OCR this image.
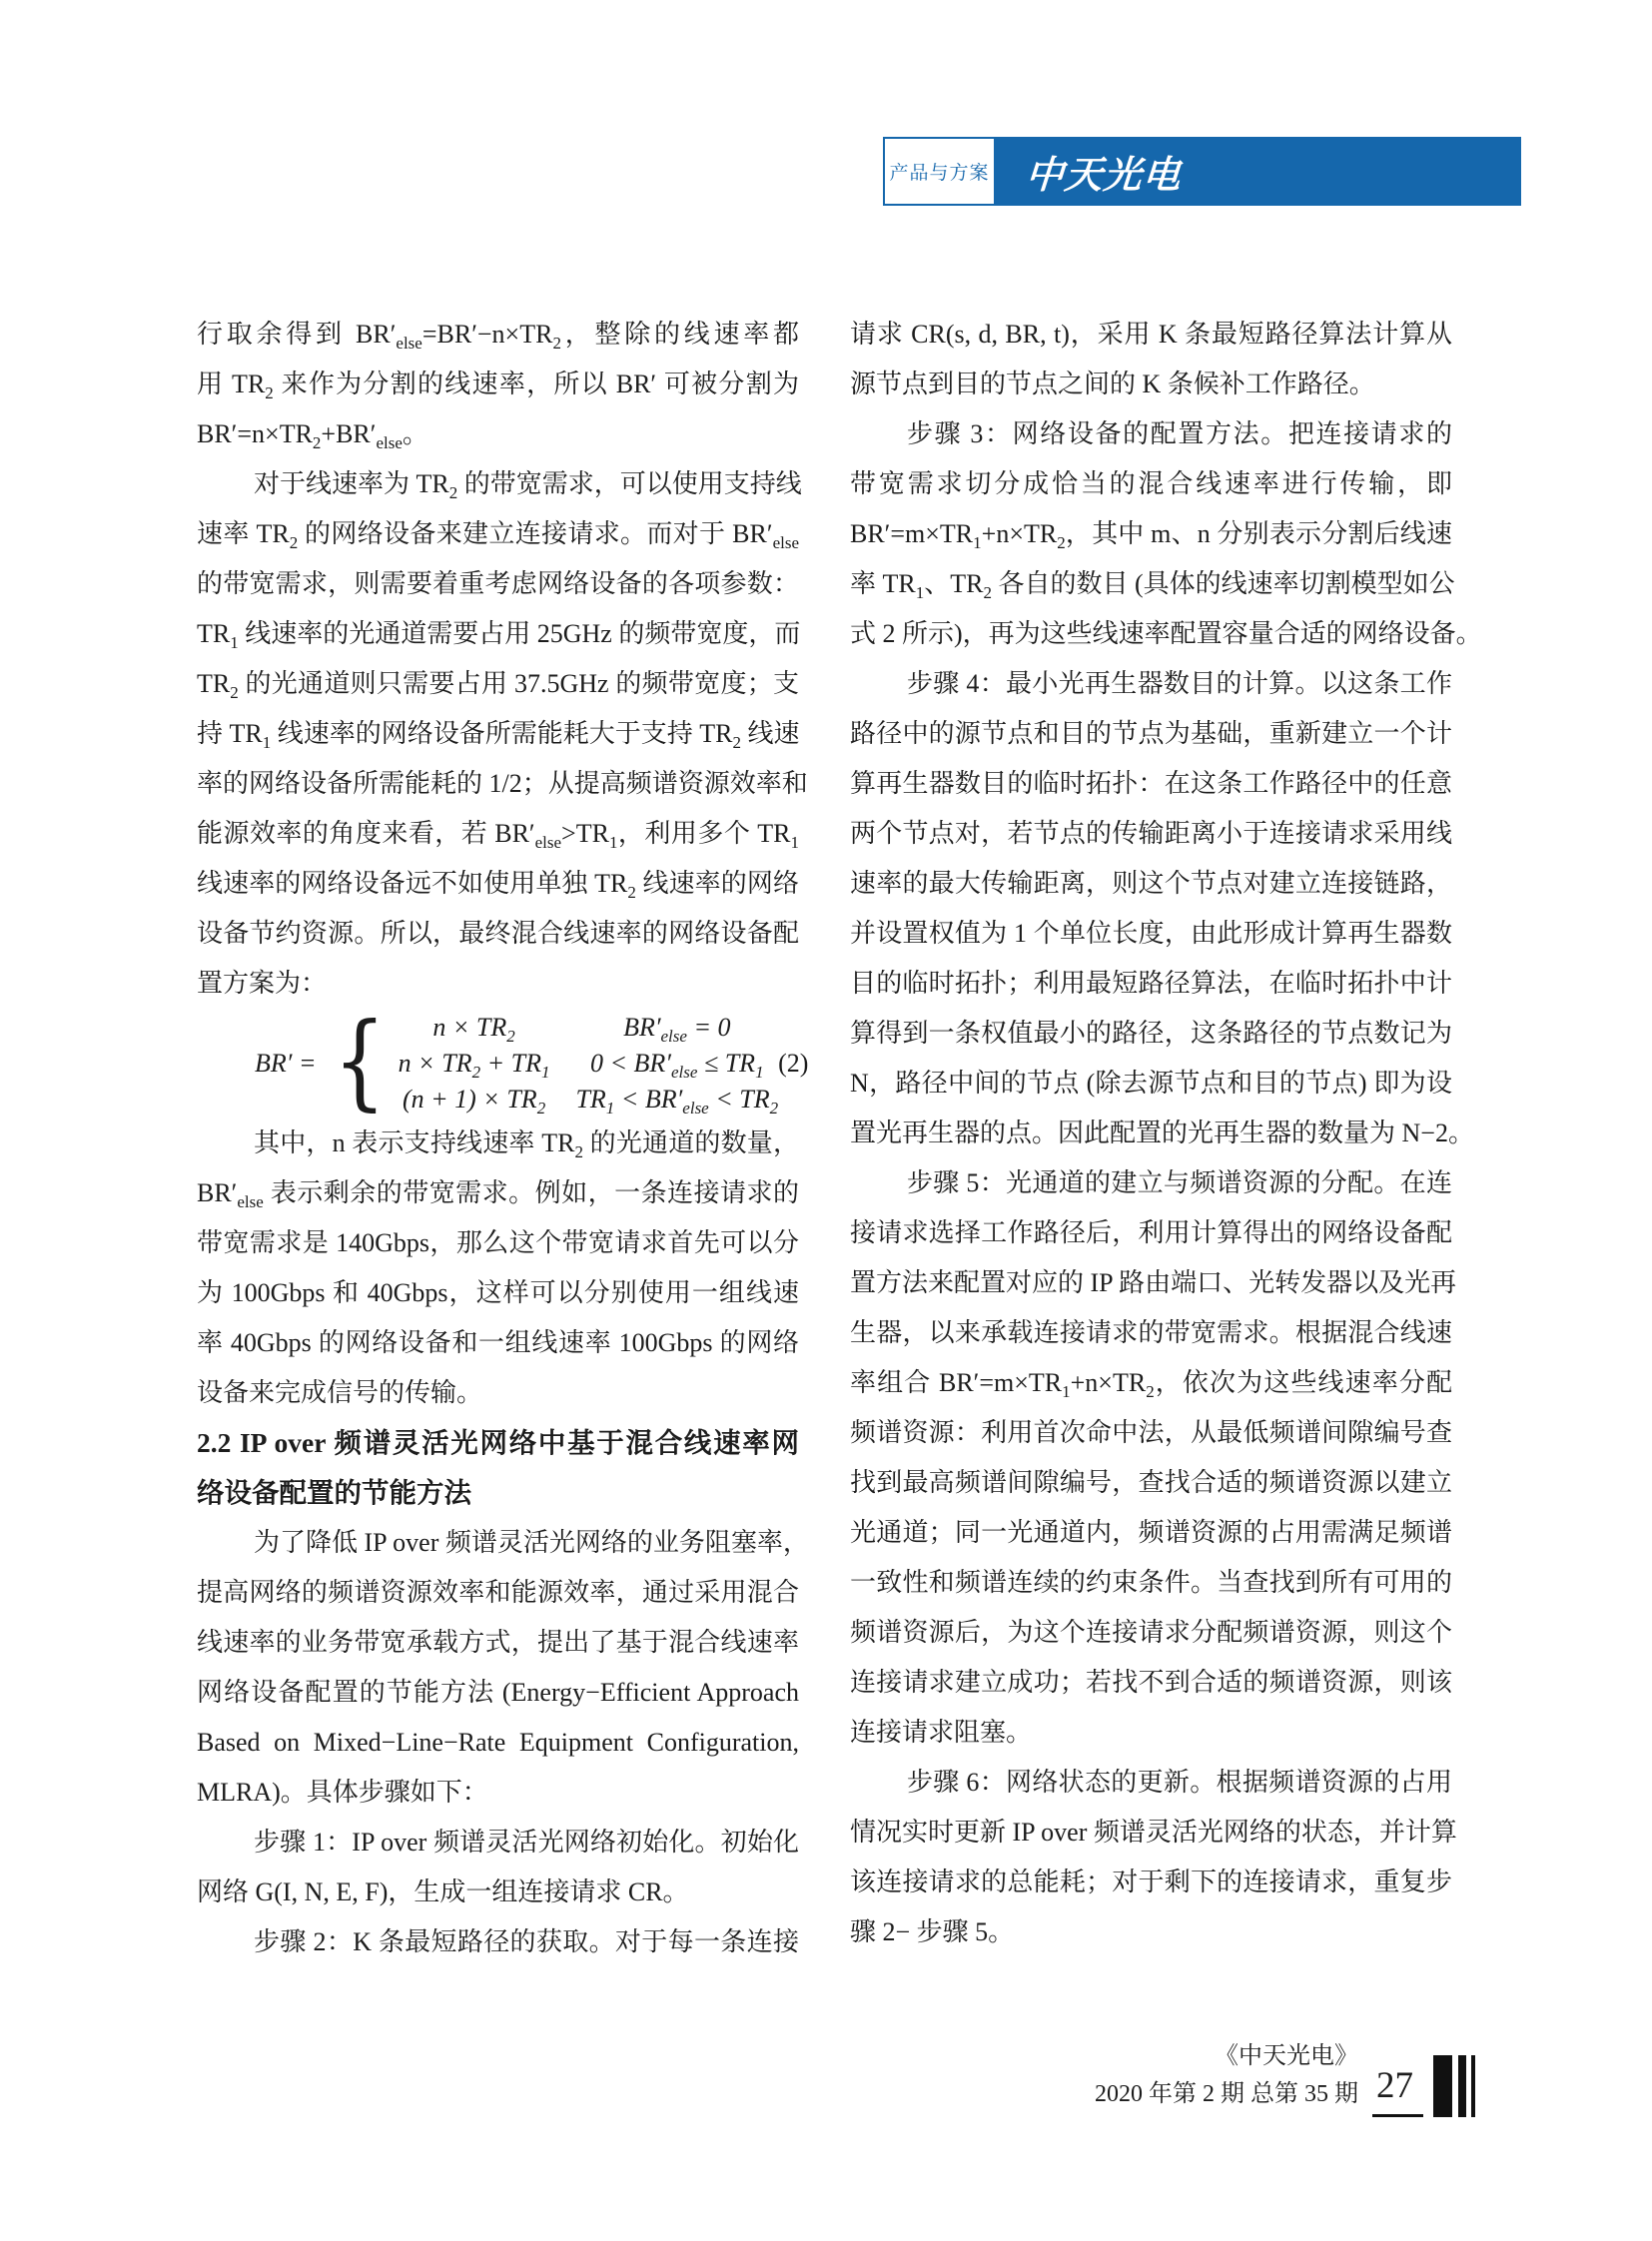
产品与方案 中天光电
行取余得到 $BR'_{else}=BR'-n\times TR_2$，整除的线速率都
用 $TR_2$ 来作为分割的线速率，所以 BR′ 可被分割为
$BR'=n\times TR_2+BR'_{else}$。
对于线速率为 $TR_2$ 的带宽需求，可以使用支持线
速率 $TR_2$ 的网络设备来建立连接请求。而对于 $BR'_{else}$
的带宽需求，则需要着重考虑网络设备的各项参数：
$TR_1$ 线速率的光通道需要占用 25GHz 的频带宽度，而
$TR_2$ 的光通道则只需要占用 37.5GHz 的频带宽度；支
持 $TR_1$ 线速率的网络设备所需能耗大于支持 $TR_2$ 线速
率的网络设备所需能耗的 1/2；从提高频谱资源效率和
能源效率的角度来看，若 $BR'_{else}>TR_1$，利用多个 $TR_1$
线速率的网络设备远不如使用单独 $TR_2$ 线速率的网络
设备节约资源。所以，最终混合线速率的网络设备配
置方案为：
BR′ = {	$n \times TR_2$	$BR'_{else} = 0$
$n \times TR_2 + TR_1$	$0 < BR'_{else} \le TR_1$
$(n + 1) \times TR_2$ $TR_1 < BR'_{else} < TR_2$
(2)
其中，n 表示支持线速率 $TR_2$ 的光通道的数量，
$BR'_{else}$ 表示剩余的带宽需求。例如，一条连接请求的
带宽需求是 140Gbps，那么这个带宽请求首先可以分
为 100Gbps 和 40Gbps，这样可以分别使用一组线速
率 40Gbps 的网络设备和一组线速率 100Gbps 的网络
设备来完成信号的传输。
2.2 IP over 频谱灵活光网络中基于混合线速率网
络设备配置的节能方法
为了降低 IP over 频谱灵活光网络的业务阻塞率，
提高网络的频谱资源效率和能源效率，通过采用混合
线速率的业务带宽承载方式，提出了基于混合线速率
网络设备配置的节能方法 (Energy−Efficient Approach
Based on Mixed−Line−Rate Equipment Configuration,
MLRA)。具体步骤如下：
步骤 1：IP over 频谱灵活光网络初始化。初始化
网络 G(I, N, E, F)，生成一组连接请求 CR。
步骤 2：K 条最短路径的获取。对于每一条连接
请求 CR(s, d, BR, t)，采用 K 条最短路径算法计算从
源节点到目的节点之间的 K 条候补工作路径。
步骤 3：网络设备的配置方法。把连接请求的
带宽需求切分成恰当的混合线速率进行传输，即
$BR'=m\times TR_1+n\times TR_2$，其中 m、n 分别表示分割后线速
率 $TR_1$、$TR_2$ 各自的数目 (具体的线速率切割模型如公
式 2 所示)，再为这些线速率配置容量合适的网络设备。
步骤 4：最小光再生器数目的计算。以这条工作
路径中的源节点和目的节点为基础，重新建立一个计
算再生器数目的临时拓扑：在这条工作路径中的任意
两个节点对，若节点的传输距离小于连接请求采用线
速率的最大传输距离，则这个节点对建立连接链路，
并设置权值为 1 个单位长度，由此形成计算再生器数
目的临时拓扑；利用最短路径算法，在临时拓扑中计
算得到一条权值最小的路径，这条路径的节点数记为
N，路径中间的节点 (除去源节点和目的节点) 即为设
置光再生器的点。因此配置的光再生器的数量为 N−2。
步骤 5：光通道的建立与频谱资源的分配。在连
接请求选择工作路径后，利用计算得出的网络设备配
置方法来配置对应的 IP 路由端口、光转发器以及光再
生器，以来承载连接请求的带宽需求。根据混合线速
率组合 $BR'=m\times TR_1+n\times TR_2$，依次为这些线速率分配
频谱资源：利用首次命中法，从最低频谱间隙编号查
找到最高频谱间隙编号，查找合适的频谱资源以建立
光通道；同一光通道内，频谱资源的占用需满足频谱
一致性和频谱连续的约束条件。当查找到所有可用的
频谱资源后，为这个连接请求分配频谱资源，则这个
连接请求建立成功；若找不到合适的频谱资源，则该
连接请求阻塞。
步骤 6：网络状态的更新。根据频谱资源的占用
情况实时更新 IP over 频谱灵活光网络的状态，并计算
该连接请求的总能耗；对于剩下的连接请求，重复步
骤 2− 步骤 5。
《中天光电》
2020 年第 2 期 总第 35 期 27
